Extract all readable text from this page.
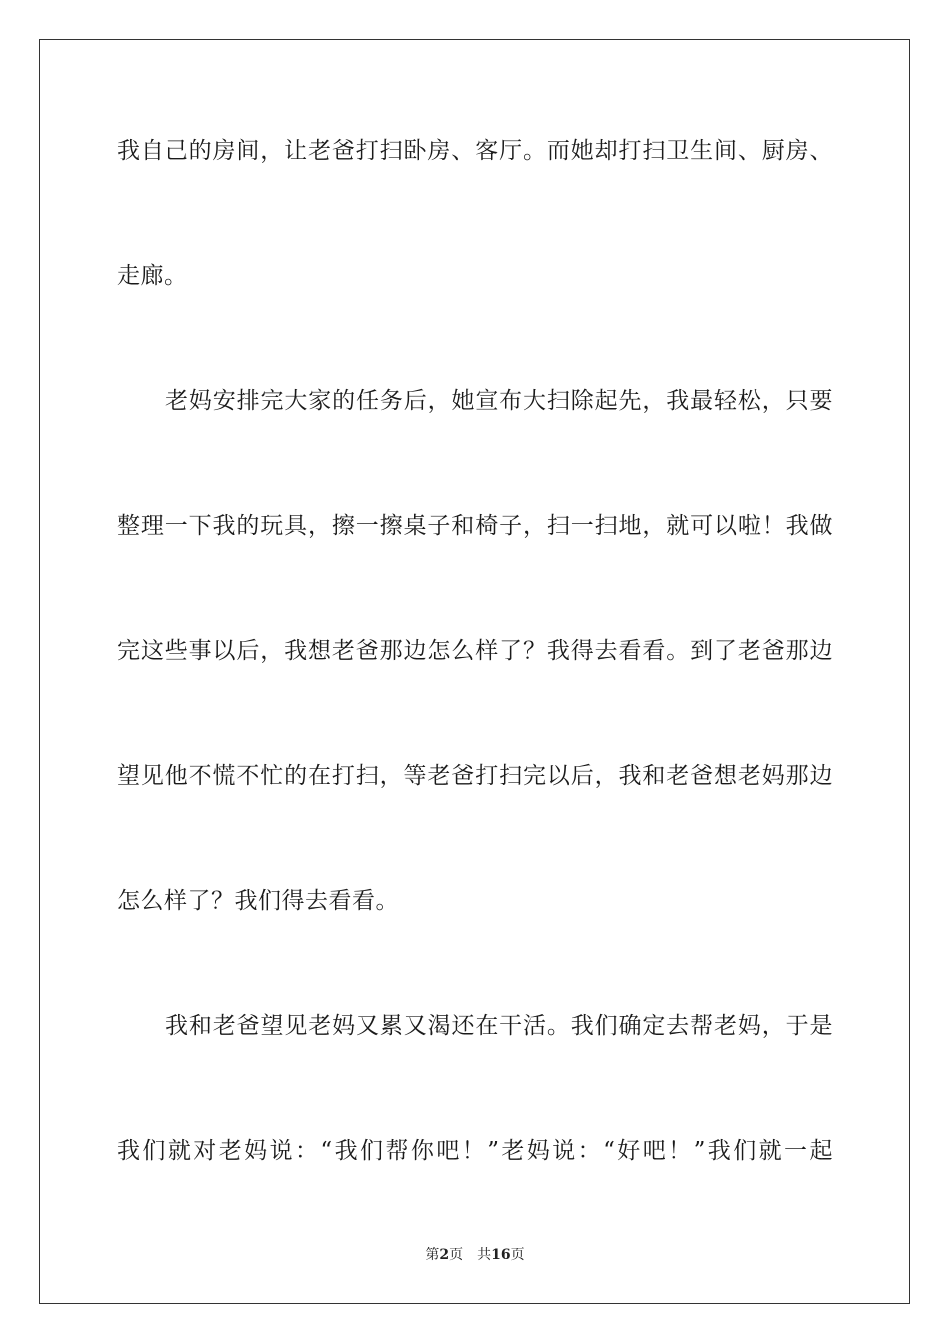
我自己的房间，让老爸打扫卧房、客厅。而她却打扫卫生间、厨房、
走廊。
老妈安排完大家的任务后，她宣布大扫除起先，我最轻松，只要
整理一下我的玩具，擦一擦桌子和椅子，扫一扫地，就可以啦！我做
完这些事以后，我想老爸那边怎么样了？我得去看看。到了老爸那边
望见他不慌不忙的在打扫，等老爸打扫完以后，我和老爸想老妈那边
怎么样了？我们得去看看。
我和老爸望见老妈又累又渴还在干活。我们确定去帮老妈，于是
我们就对老妈说：“我们帮你吧！”老妈说：“好吧！”我们就一起
第2页 共16页
